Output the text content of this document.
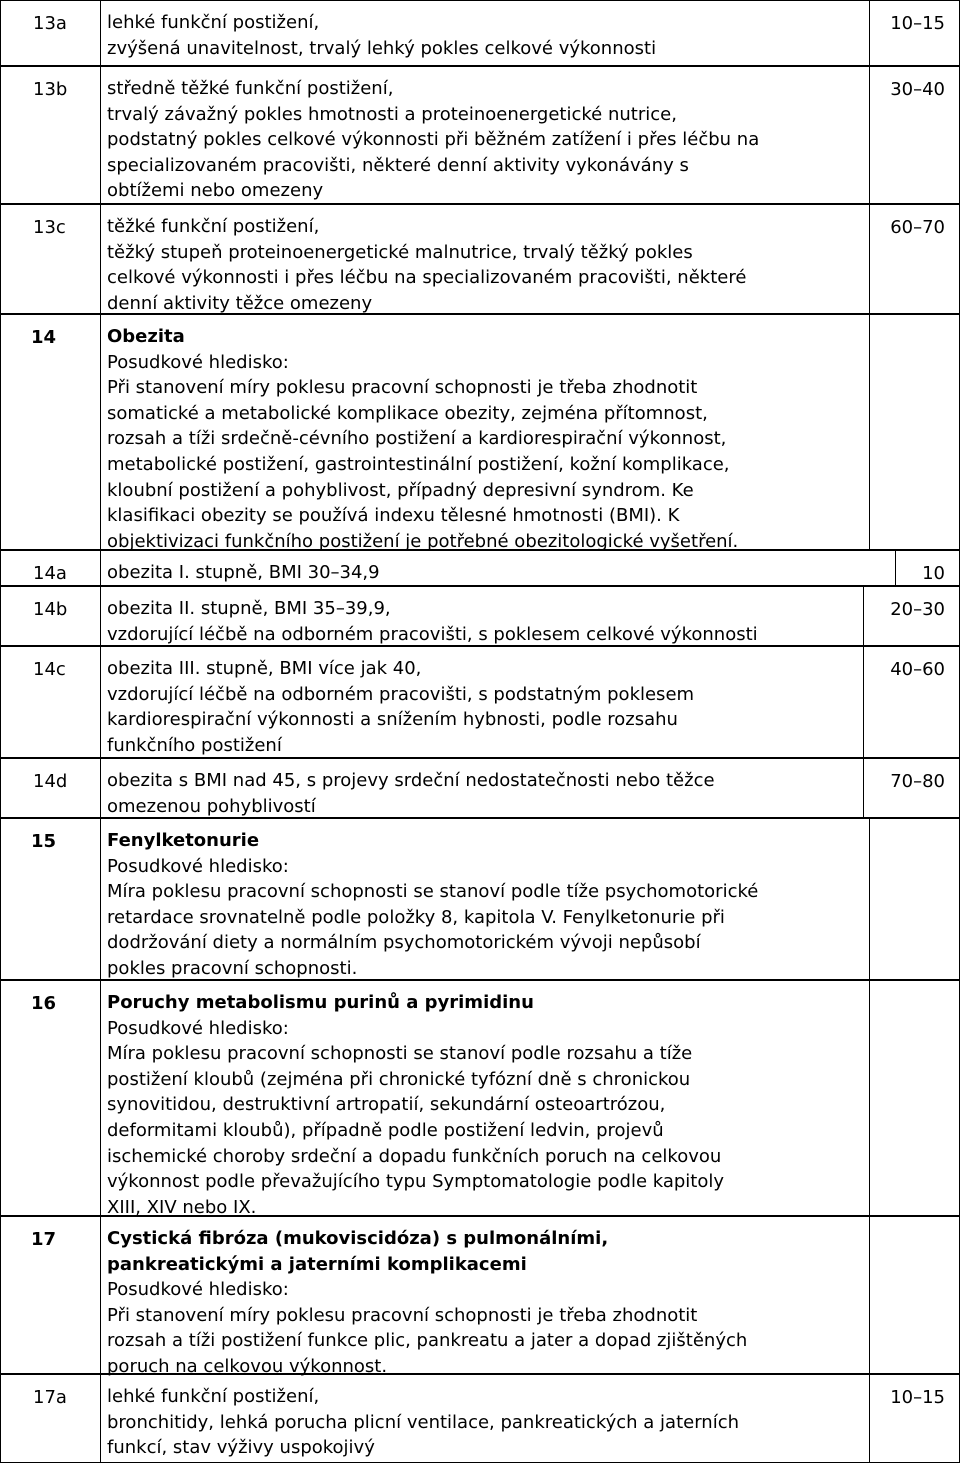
13a	lehké funkční postižení,
zvýšená unavitelnost, trvalý lehký pokles celkové výkonnosti
10–15
13b	středně těžké funkční postižení,
trvalý závažný pokles hmotnosti a proteinoenergetické nutrice,
podstatný pokles celkové výkonnosti při běžném zatížení i přes léčbu na
specializovaném pracovišti, některé denní aktivity vykonávány s
obtížemi nebo omezeny
30–40
13c	těžké funkční postižení,
těžký stupeň proteinoenergetické malnutrice, trvalý těžký pokles
celkové výkonnosti i přes léčbu na specializovaném pracovišti, některé
denní aktivity těžce omezeny
60–70
14	Obezita
Posudkové hledisko:
Při stanovení míry poklesu pracovní schopnosti je třeba zhodnotit
somatické a metabolické komplikace obezity, zejména přítomnost,
rozsah a tíži srdečně-cévního postižení a kardiorespirační výkonnost,
metabolické postižení, gastrointestinální postižení, kožní komplikace,
kloubní postižení a pohyblivost, případný depresivní syndrom. Ke
klasifikaci obezity se používá indexu tělesné hmotnosti (BMI). K
objektivizaci funkčního postižení je potřebné obezitologické vyšetření.
14a	obezita I. stupně, BMI 30–34,9	10
14b	obezita II. stupně, BMI 35–39,9,
vzdorující léčbě na odborném pracovišti, s poklesem celkové výkonnosti
20–30
14c	obezita III. stupně, BMI více jak 40,
vzdorující léčbě na odborném pracovišti, s podstatným poklesem
kardiorespirační výkonnosti a snížením hybnosti, podle rozsahu
funkčního postižení
40–60
14d	obezita s BMI nad 45, s projevy srdeční nedostatečnosti nebo těžce
omezenou pohyblivostí
70–80
15	Fenylketonurie
Posudkové hledisko:
Míra poklesu pracovní schopnosti se stanoví podle tíže psychomotorické
retardace srovnatelně podle položky 8, kapitola V. Fenylketonurie při
dodržování diety a normálním psychomotorickém vývoji nepůsobí
pokles pracovní schopnosti.
16	Poruchy metabolismu purinů a pyrimidinu
Posudkové hledisko:
Míra poklesu pracovní schopnosti se stanoví podle rozsahu a tíže
postižení kloubů (zejména při chronické tyfózní dně s chronickou
synovitidou, destruktivní artropatií, sekundární osteoartrózou,
deformitami kloubů), případně podle postižení ledvin, projevů
ischemické choroby srdeční a dopadu funkčních poruch na celkovou
výkonnost podle převažujícího typu Symptomatologie podle kapitoly
XIII, XIV nebo IX.
17	Cystická fibróza (mukoviscidóza) s pulmonálními,
pankreatickými a jaterními komplikacemi
Posudkové hledisko:
Při stanovení míry poklesu pracovní schopnosti je třeba zhodnotit
rozsah a tíži postižení funkce plic, pankreatu a jater a dopad zjištěných
poruch na celkovou výkonnost.
17a	lehké funkční postižení,
bronchitidy, lehká porucha plicní ventilace, pankreatických a jaterních
funkcí, stav výživy uspokojivý
10–15
